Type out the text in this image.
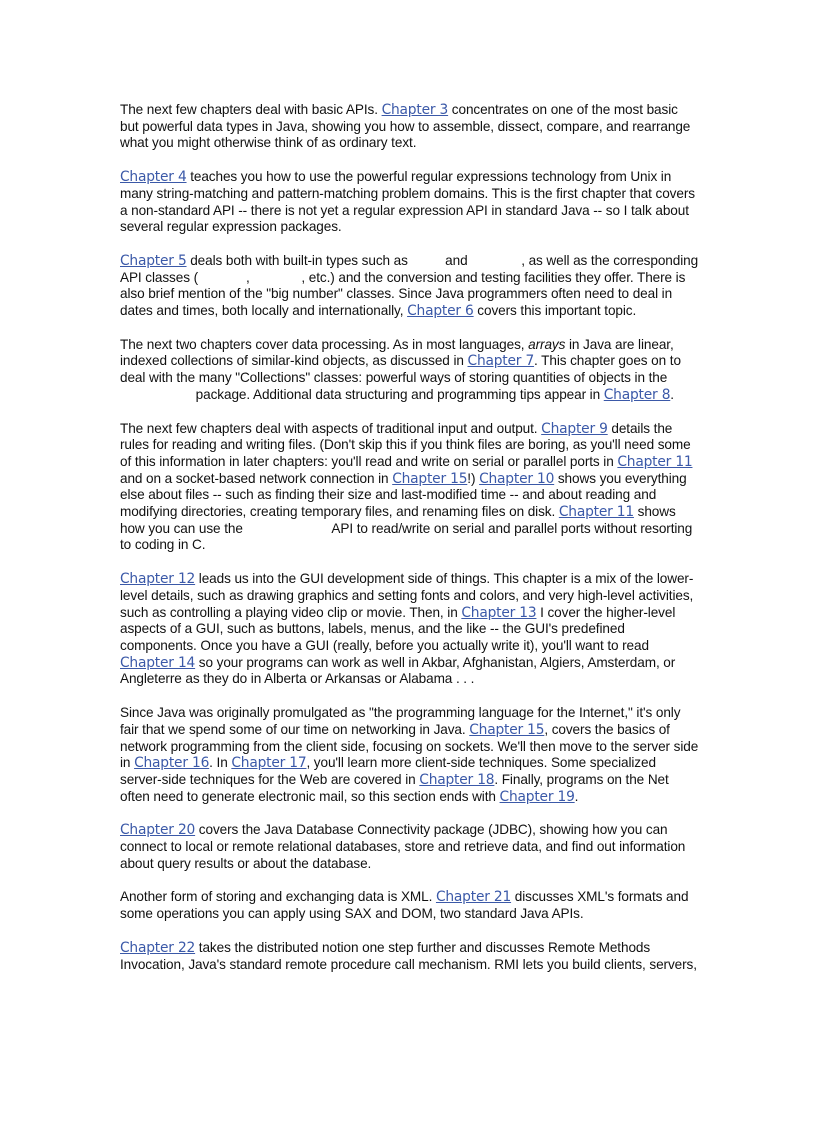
The next few chapters deal with basic APIs. Chapter 3 concentrates on one of the most basic but powerful data types in Java, showing you how to assemble, dissect, compare, and rearrange what you might otherwise think of as ordinary text.

Chapter 4 teaches you how to use the powerful regular expressions technology from Unix in many string-matching and pattern-matching problem domains. This is the first chapter that covers a non-standard API -- there is not yet a regular expression API in standard Java -- so I talk about several regular expression packages.

Chapter 5 deals both with built-in types such as  and	, as well as the corresponding API classes (	,	, etc.) and the conversion and testing facilities they offer. There is also brief mention of the "big number" classes. Since Java programmers often need to deal in dates and times, both locally and internationally, Chapter 6 covers this important topic.

The next two chapters cover data processing. As in most languages, arrays in Java are linear, indexed collections of similar-kind objects, as discussed in Chapter 7. This chapter goes on to deal with the many "Collections" classes: powerful ways of storing quantities of objects in the  package. Additional data structuring and programming tips appear in Chapter 8.

The next few chapters deal with aspects of traditional input and output. Chapter 9 details the rules for reading and writing files. (Don't skip this if you think files are boring, as you'll need some of this information in later chapters: you'll read and write on serial or parallel ports in Chapter 11 and on a socket-based network connection in Chapter 15!) Chapter 10 shows you everything else about files -- such as finding their size and last-modified time -- and about reading and modifying directories, creating temporary files, and renaming files on disk. Chapter 11 shows how you can use the	API to read/write on serial and parallel ports without resorting to coding in C.

Chapter 12 leads us into the GUI development side of things. This chapter is a mix of the lower-level details, such as drawing graphics and setting fonts and colors, and very high-level activities, such as controlling a playing video clip or movie. Then, in Chapter 13 I cover the higher-level aspects of a GUI, such as buttons, labels, menus, and the like -- the GUI's predefined components. Once you have a GUI (really, before you actually write it), you'll want to read Chapter 14 so your programs can work as well in Akbar, Afghanistan, Algiers, Amsterdam, or Angleterre as they do in Alberta or Arkansas or Alabama . . .

Since Java was originally promulgated as "the programming language for the Internet," it's only fair that we spend some of our time on networking in Java. Chapter 15, covers the basics of network programming from the client side, focusing on sockets. We'll then move to the server side in Chapter 16. In Chapter 17, you'll learn more client-side techniques. Some specialized server-side techniques for the Web are covered in Chapter 18. Finally, programs on the Net often need to generate electronic mail, so this section ends with Chapter 19.

Chapter 20 covers the Java Database Connectivity package (JDBC), showing how you can connect to local or remote relational databases, store and retrieve data, and find out information about query results or about the database.

Another form of storing and exchanging data is XML. Chapter 21 discusses XML's formats and some operations you can apply using SAX and DOM, two standard Java APIs.

Chapter 22 takes the distributed notion one step further and discusses Remote Methods Invocation, Java's standard remote procedure call mechanism. RMI lets you build clients, servers,
